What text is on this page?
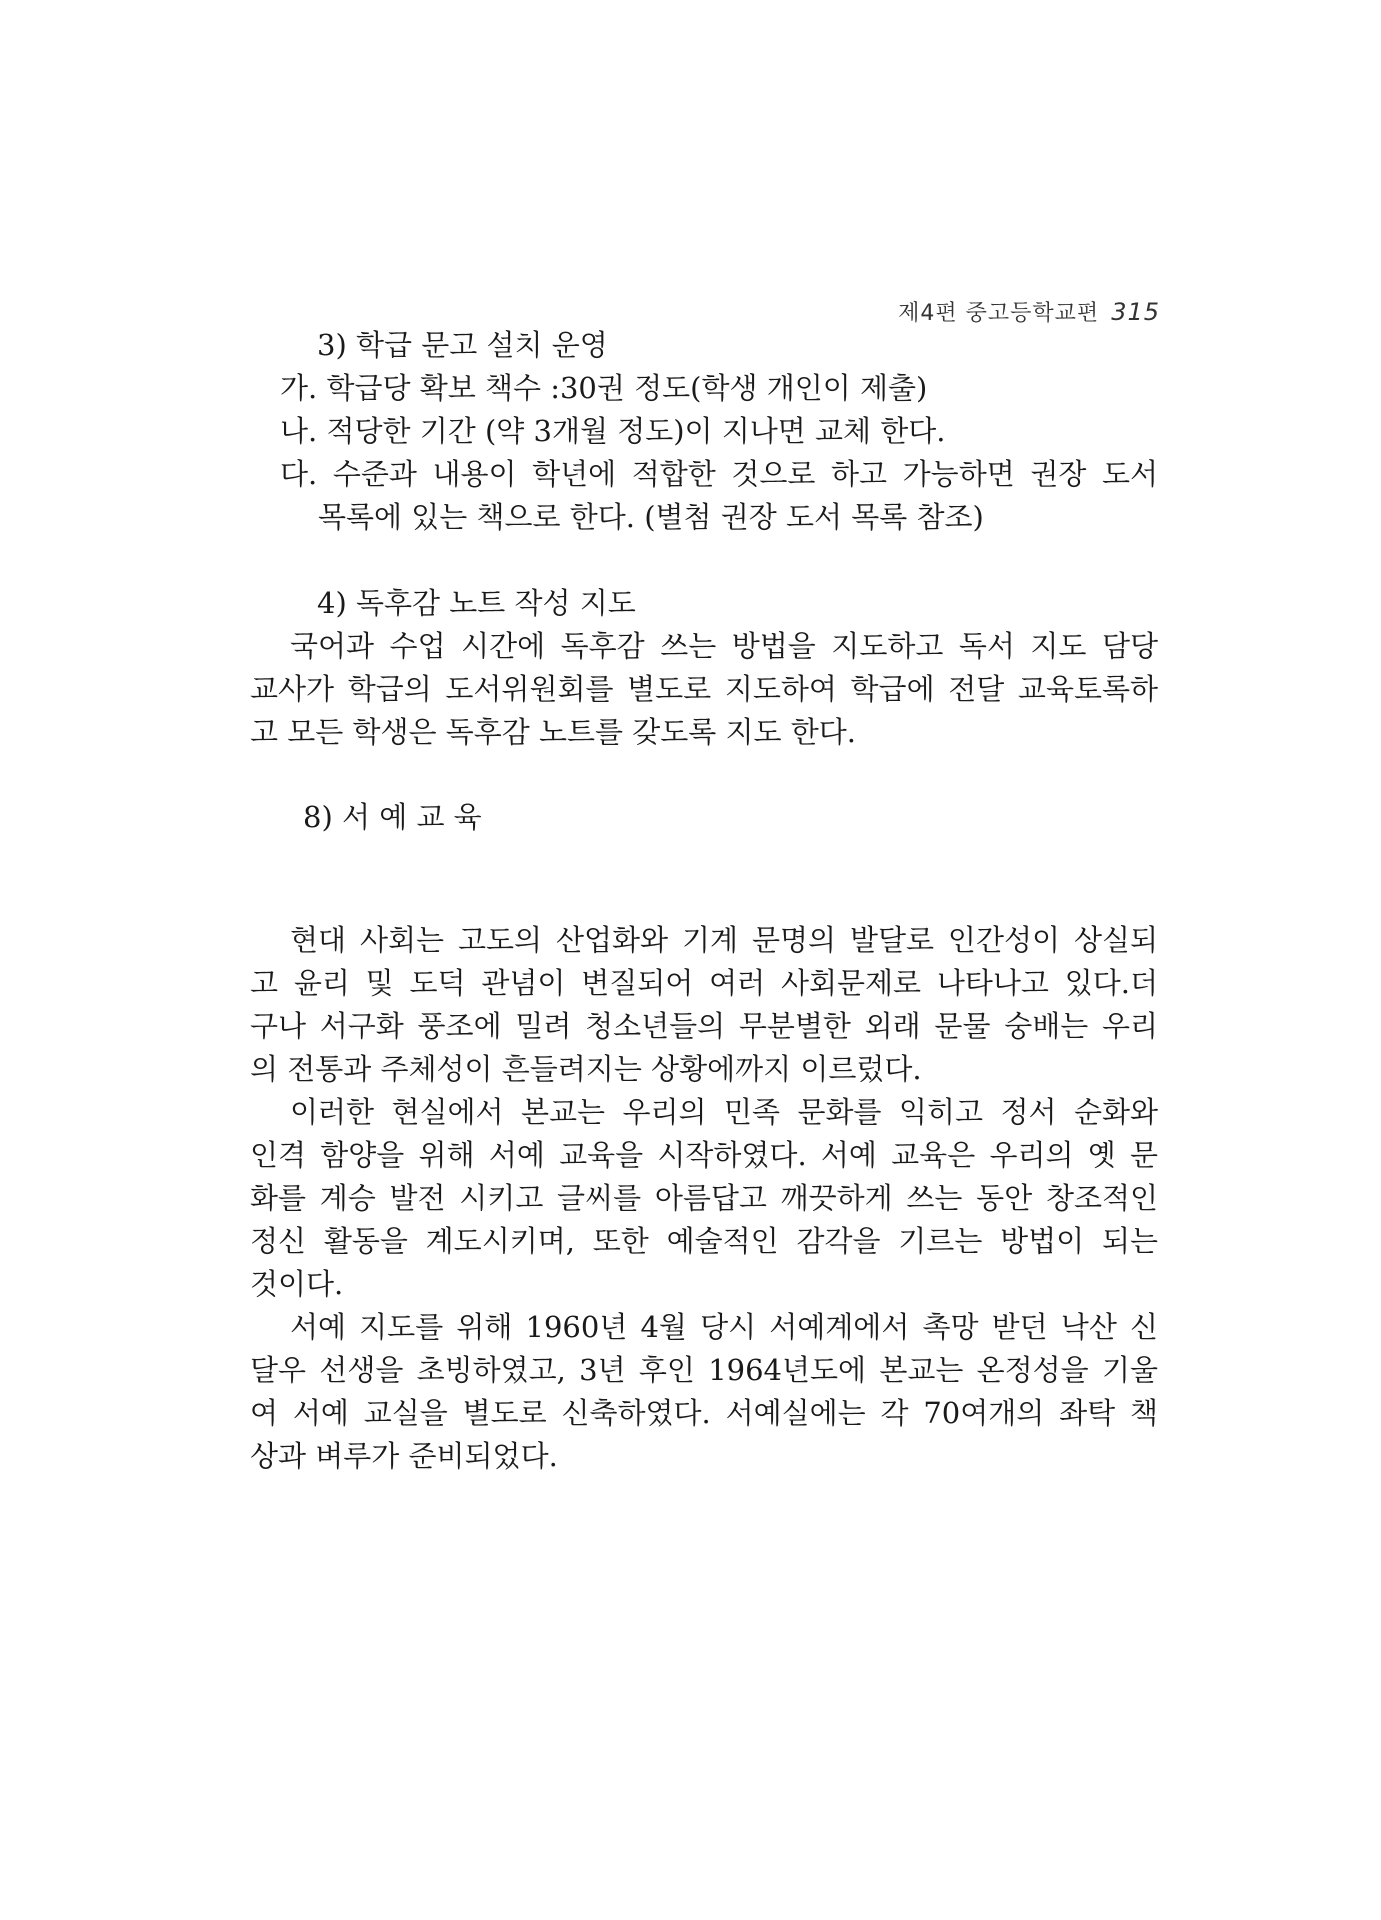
제4편 중고등학교편 315
3) 학급 문고 설치 운영
가. 학급당 확보 책수 :30권 정도(학생 개인이 제출)
나. 적당한 기간 (약 3개월 정도)이 지나면 교체 한다.
다. 수준과 내용이 학년에 적합한 것으로 하고 가능하면 권장 도서
목록에 있는 책으로 한다. (별첨 권장 도서 목록 참조)
4) 독후감 노트 작성 지도
국어과 수업 시간에 독후감 쓰는 방법을 지도하고 독서 지도 담당
교사가 학급의 도서위원회를 별도로 지도하여 학급에 전달 교육토록하
고 모든 학생은 독후감 노트를 갖도록 지도 한다.
8) 서 예 교 육
현대 사회는 고도의 산업화와 기계 문명의 발달로 인간성이 상실되
고 윤리 및 도덕 관념이 변질되어 여러 사회문제로 나타나고 있다.더
구나 서구화 풍조에 밀려 청소년들의 무분별한 외래 문물 숭배는 우리
의 전통과 주체성이 흔들려지는 상황에까지 이르렀다.
이러한 현실에서 본교는 우리의 민족 문화를 익히고 정서 순화와
인격 함양을 위해 서예 교육을 시작하였다. 서예 교육은 우리의 옛 문
화를 계승 발전 시키고 글씨를 아름답고 깨끗하게 쓰는 동안 창조적인
정신 활동을 계도시키며, 또한 예술적인 감각을 기르는 방법이 되는
것이다.
서예 지도를 위해 1960년 4월 당시 서예계에서 촉망 받던 낙산 신
달우 선생을 초빙하였고, 3년 후인 1964년도에 본교는 온정성을 기울
여 서예 교실을 별도로 신축하였다. 서예실에는 각 70여개의 좌탁 책
상과 벼루가 준비되었다.
